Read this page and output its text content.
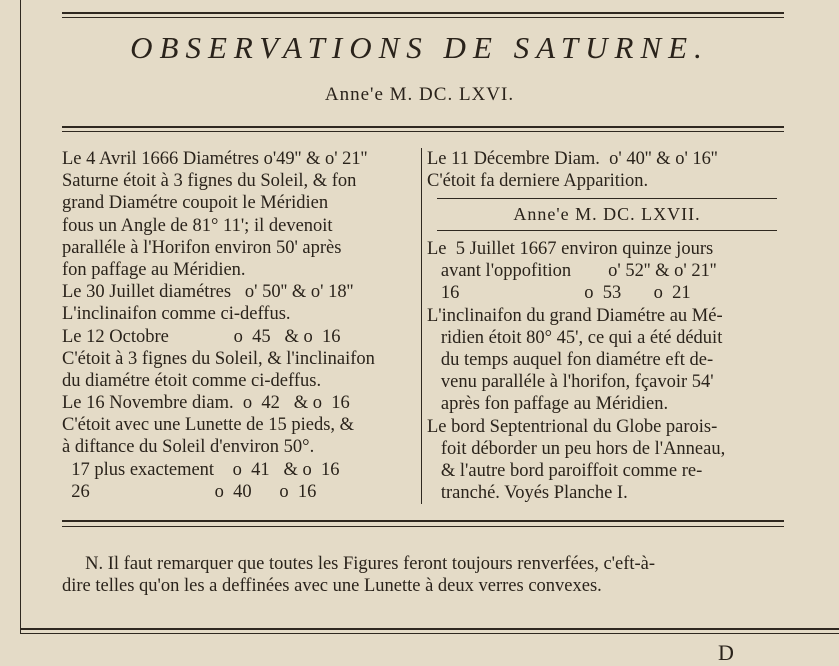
OBSERVATIONS DE SATURNE.
Anne'e M. DC. LXVI.
Le 4 Avril 1666 Diamétres o'49'' & o' 21''
Saturne étoit à 3 fignes du Soleil, & fon
grand Diamétre coupoit le Méridien
fous un Angle de 81° 11'; il devenoit
paralléle à l'Horifon environ 50' après
fon paffage au Méridien.
Le 30 Juillet diamétres   o' 50'' & o' 18''
L'inclinaifon comme ci-deffus.
Le 12 Octobre              o  45   & o  16
C'étoit à 3 fignes du Soleil, & l'inclinaifon
du diamétre étoit comme ci-deffus.
Le 16 Novembre diam.  o  42   & o  16
C'étoit avec une Lunette de 15 pieds, &
à diftance du Soleil d'environ 50°.
17 plus exactement    o  41   & o  16
26                           o  40      o  16
Le 11 Décembre Diam.  o' 40'' & o' 16''
C'étoit fa derniere Apparition.
Anne'e M. DC. LXVII.
Le  5 Juillet 1667 environ quinze jours
avant l'oppofition        o' 52'' & o' 21''
16                           o  53       o  21
L'inclinaifon du grand Diamétre au Mé-
ridien étoit 80° 45', ce qui a été déduit
du temps auquel fon diamétre eft de-
venu paralléle à l'horifon, fçavoir 54'
après fon paffage au Méridien.
Le bord Septentrional du Globe parois-
foit déborder un peu hors de l'Anneau,
& l'autre bord paroiffoit comme re-
tranché. Voyés Planche I.
N. Il faut remarquer que toutes les Figures feront toujours renverfées, c'eft-à-
dire telles qu'on les a deffinées avec une Lunette à deux verres convexes.
D
